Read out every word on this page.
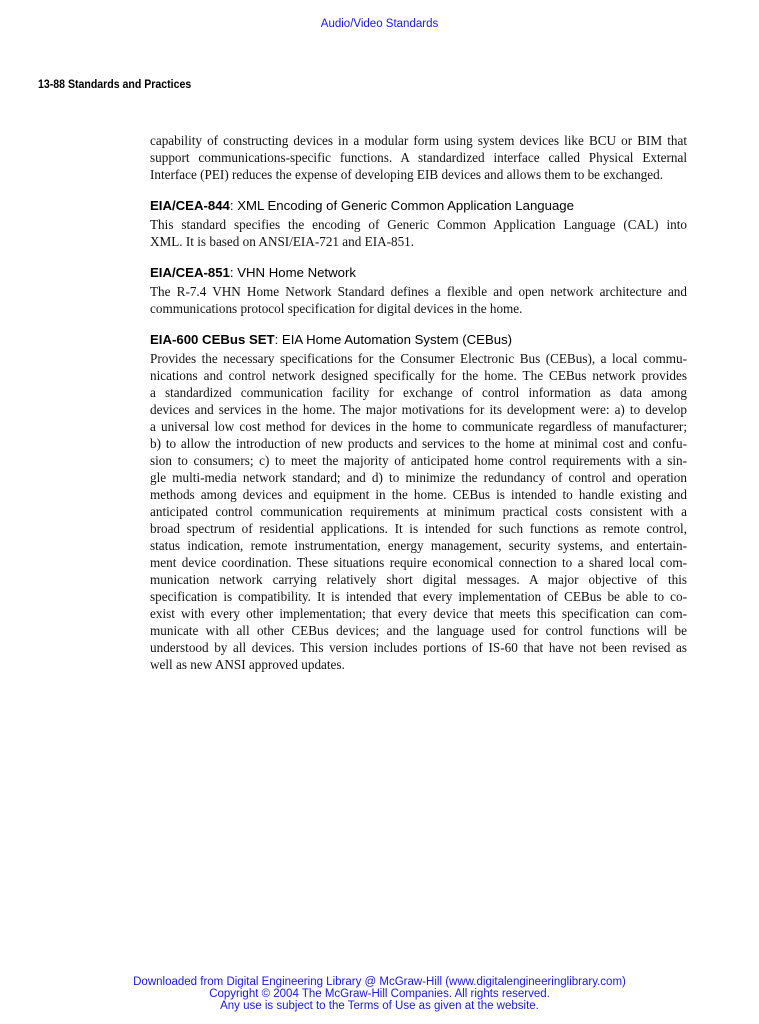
Audio/Video Standards
13-88 Standards and Practices
capability of constructing devices in a modular form using system devices like BCU or BIM that
support communications-specific functions. A standardized interface called Physical External
Interface (PEI) reduces the expense of developing EIB devices and allows them to be exchanged.
EIA/CEA-844: XML Encoding of Generic Common Application Language
This standard specifies the encoding of Generic Common Application Language (CAL) into
XML. It is based on ANSI/EIA-721 and EIA-851.
EIA/CEA-851: VHN Home Network
The R-7.4 VHN Home Network Standard defines a flexible and open network architecture and
communications protocol specification for digital devices in the home.
EIA-600 CEBus SET: EIA Home Automation System (CEBus)
Provides the necessary specifications for the Consumer Electronic Bus (CEBus), a local commu-
nications and control network designed specifically for the home. The CEBus network provides
a standardized communication facility for exchange of control information as data among
devices and services in the home. The major motivations for its development were: a) to develop
a universal low cost method for devices in the home to communicate regardless of manufacturer;
b) to allow the introduction of new products and services to the home at minimal cost and confu-
sion to consumers; c) to meet the majority of anticipated home control requirements with a sin-
gle multi-media network standard; and d) to minimize the redundancy of control and operation
methods among devices and equipment in the home. CEBus is intended to handle existing and
anticipated control communication requirements at minimum practical costs consistent with a
broad spectrum of residential applications. It is intended for such functions as remote control,
status indication, remote instrumentation, energy management, security systems, and entertain-
ment device coordination. These situations require economical connection to a shared local com-
munication network carrying relatively short digital messages. A major objective of this
specification is compatibility. It is intended that every implementation of CEBus be able to co-
exist with every other implementation; that every device that meets this specification can com-
municate with all other CEBus devices; and the language used for control functions will be
understood by all devices. This version includes portions of IS-60 that have not been revised as
well as new ANSI approved updates.
Downloaded from Digital Engineering Library @ McGraw-Hill (www.digitalengineeringlibrary.com)
Copyright © 2004 The McGraw-Hill Companies. All rights reserved.
Any use is subject to the Terms of Use as given at the website.
